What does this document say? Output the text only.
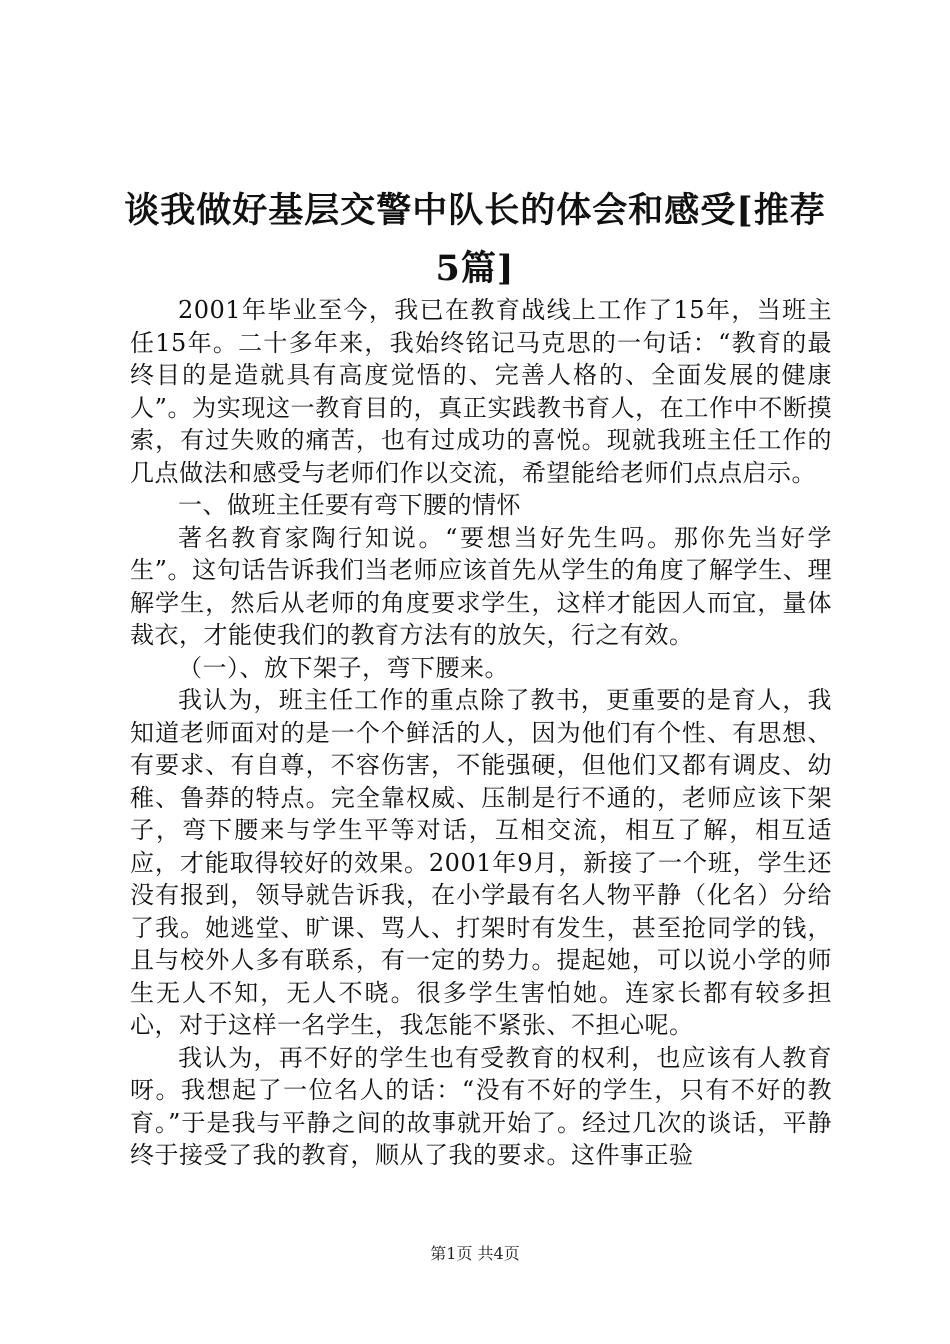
谈我做好基层交警中队长的体会和感受[推荐5篇]

2001年毕业至今，我已在教育战线上工作了15年，当班主任15年。二十多年来，我始终铭记马克思的一句话：“教育的最终目的是造就具有高度觉悟的、完善人格的、全面发展的健康人”。为实现这一教育目的，真正实践教书育人，在工作中不断摸索，有过失败的痛苦，也有过成功的喜悦。现就我班主任工作的几点做法和感受与老师们作以交流，希望能给老师们点点启示。

一、做班主任要有弯下腰的情怀

著名教育家陶行知说。“要想当好先生吗。那你先当好学生”。这句话告诉我们当老师应该首先从学生的角度了解学生、理解学生，然后从老师的角度要求学生，这样才能因人而宜，量体裁衣，才能使我们的教育方法有的放矢，行之有效。

（一）、放下架子，弯下腰来。

我认为，班主任工作的重点除了教书，更重要的是育人，我知道老师面对的是一个个鲜活的人，因为他们有个性、有思想、有要求、有自尊，不容伤害，不能强硬，但他们又都有调皮、幼稚、鲁莽的特点。完全靠权威、压制是行不通的，老师应该下架子，弯下腰来与学生平等对话，互相交流，相互了解，相互适应，才能取得较好的效果。2001年9月，新接了一个班，学生还没有报到，领导就告诉我，在小学最有名人物平静（化名）分给了我。她逃堂、旷课、骂人、打架时有发生，甚至抢同学的钱，且与校外人多有联系，有一定的势力。提起她，可以说小学的师生无人不知，无人不晓。很多学生害怕她。连家长都有较多担心，对于这样一名学生，我怎能不紧张、不担心呢。

我认为，再不好的学生也有受教育的权利，也应该有人教育呀。我想起了一位名人的话：“没有不好的学生，只有不好的教育。”于是我与平静之间的故事就开始了。经过几次的谈话，平静终于接受了我的教育，顺从了我的要求。这件事正验

第1页 共4页
